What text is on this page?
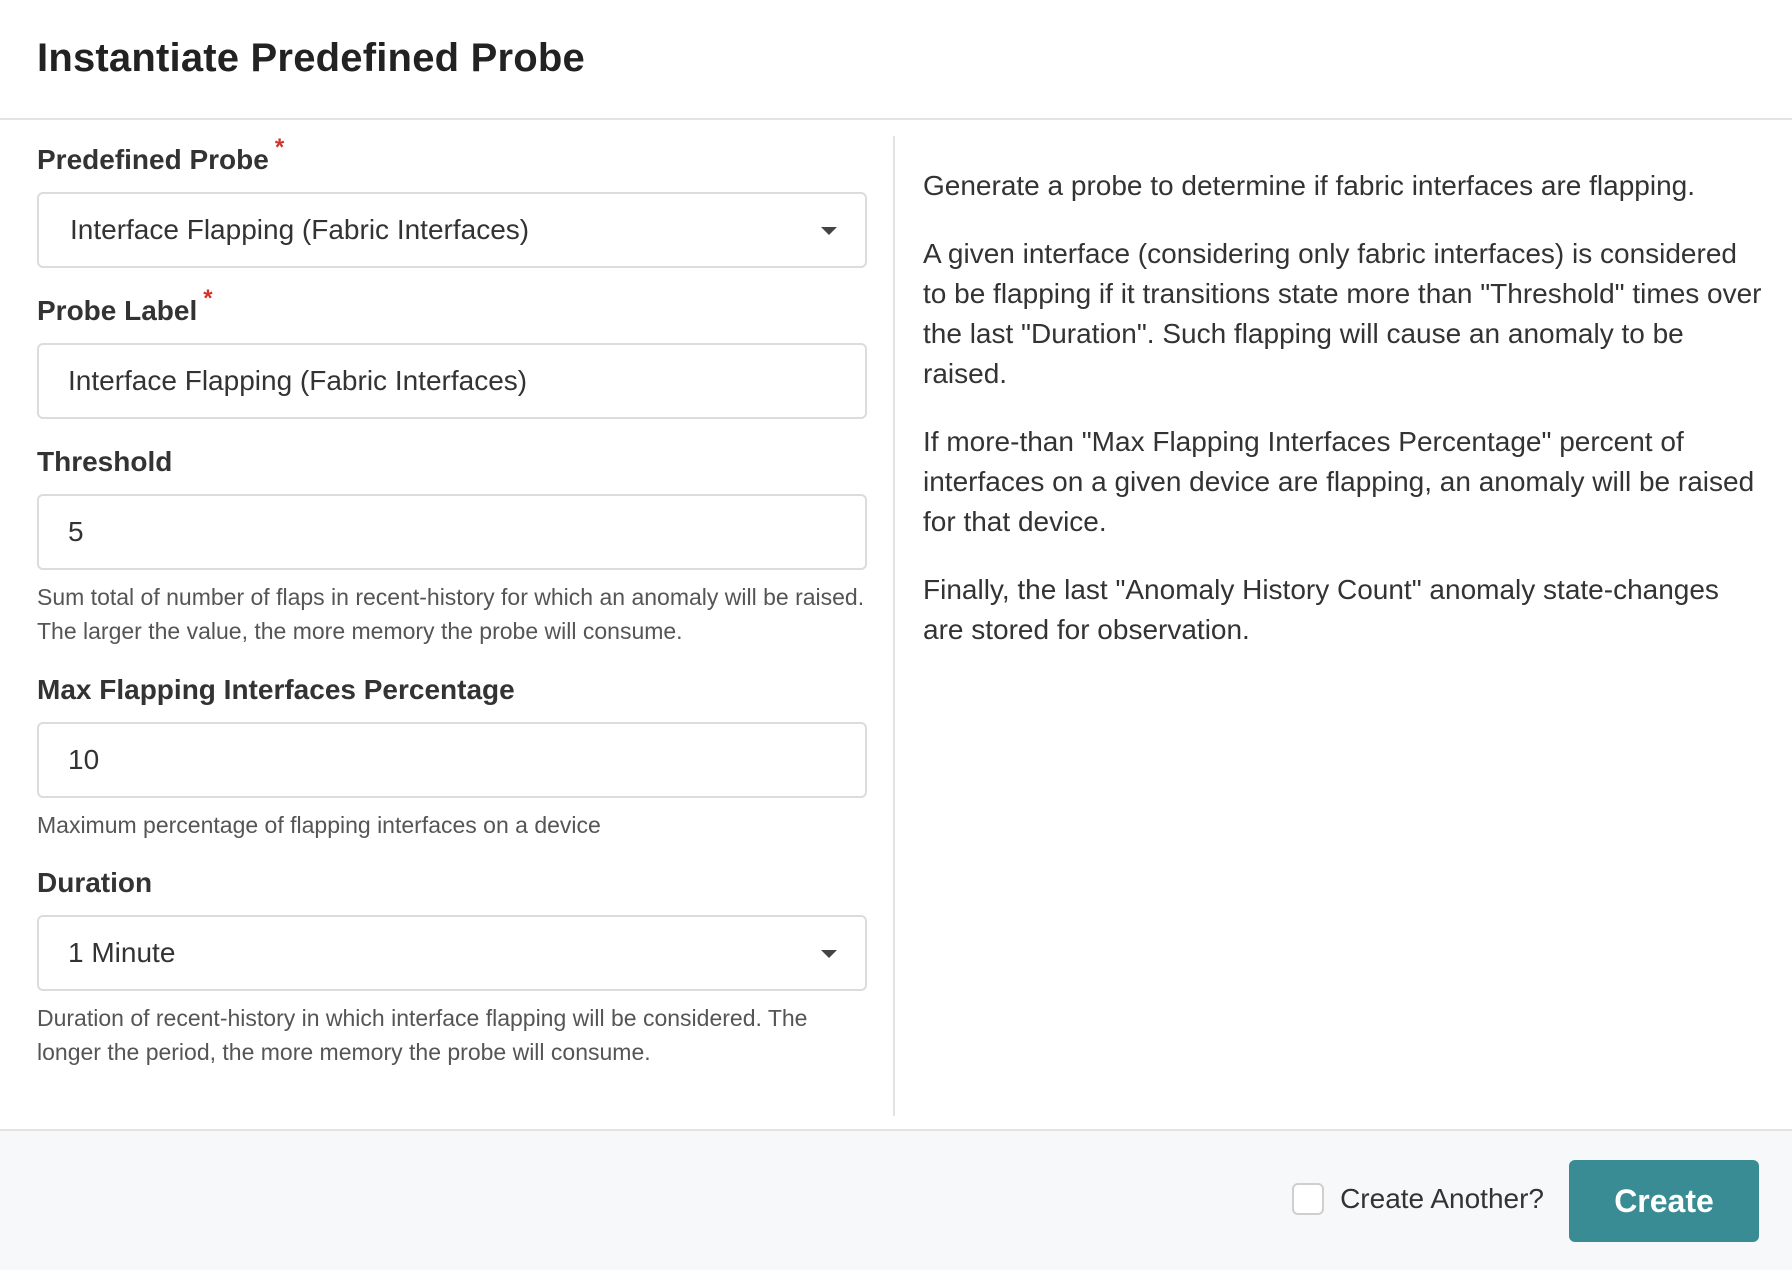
Instantiate Predefined Probe
Predefined Probe *
Interface Flapping (Fabric Interfaces)
Probe Label *
Interface Flapping (Fabric Interfaces)
Threshold
5
Sum total of number of flaps in recent-history for which an anomaly will be raised. The larger the value, the more memory the probe will consume.
Max Flapping Interfaces Percentage
10
Maximum percentage of flapping interfaces on a device
Duration
1 Minute
Duration of recent-history in which interface flapping will be considered. The longer the period, the more memory the probe will consume.

Generate a probe to determine if fabric interfaces are flapping.

A given interface (considering only fabric interfaces) is considered to be flapping if it transitions state more than "Threshold" times over the last "Duration". Such flapping will cause an anomaly to be raised.

If more-than "Max Flapping Interfaces Percentage" percent of interfaces on a given device are flapping, an anomaly will be raised for that device.

Finally, the last "Anomaly History Count" anomaly state-changes are stored for observation.

Create Another?	Create
